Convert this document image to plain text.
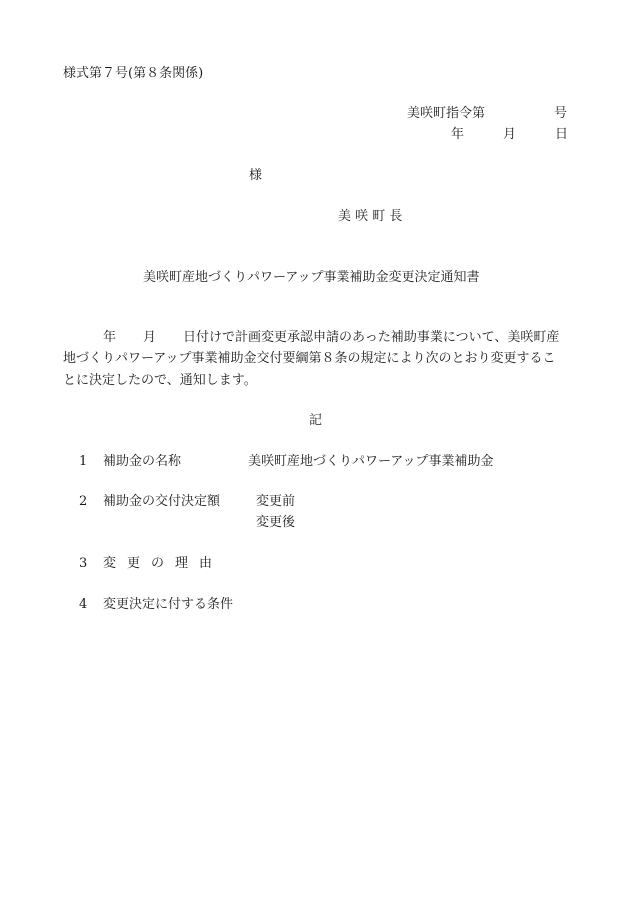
様式第７号(第８条関係)
美咲町指令第	号
年	月	日
様
美 咲 町 長
美咲町産地づくりパワーアップ事業補助金変更決定通知書
年 月 日付けで計画変更承認申請のあった補助事業について、美咲町産
地づくりパワーアップ事業補助金交付要綱第８条の規定により次のとおり変更するこ
とに決定したので、通知します。
記
1 補助金の名称	美咲町産地づくりパワーアップ事業補助金
2 補助金の交付決定額	変更前
変更後
3 変　更　の　理　由
4 変更決定に付する条件
